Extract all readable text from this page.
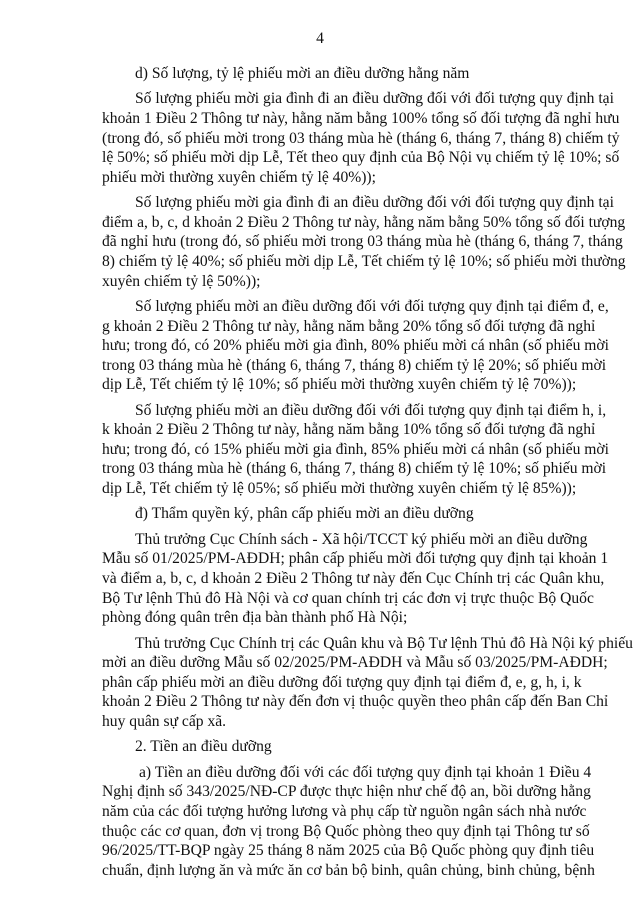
4
d) Số lượng, tỷ lệ phiếu mời an điều dưỡng hằng năm
Số lượng phiếu mời gia đình đi an điều dưỡng đối với đối tượng quy định tại
khoản 1 Điều 2 Thông tư này, hằng năm bằng 100% tổng số đối tượng đã nghỉ hưu
(trong đó, số phiếu mời trong 03 tháng mùa hè (tháng 6, tháng 7, tháng 8) chiếm tỷ
lệ 50%; số phiếu mời dịp Lễ, Tết theo quy định của Bộ Nội vụ chiếm tỷ lệ 10%; số
phiếu mời thường xuyên chiếm tỷ lệ 40%));
Số lượng phiếu mời gia đình đi an điều dưỡng đối với đối tượng quy định tại
điểm a, b, c, d khoản 2 Điều 2 Thông tư này, hằng năm bằng 50% tổng số đối tượng
đã nghỉ hưu (trong đó, số phiếu mời trong 03 tháng mùa hè (tháng 6, tháng 7, tháng
8) chiếm tỷ lệ 40%; số phiếu mời dịp Lễ, Tết chiếm tỷ lệ 10%; số phiếu mời thường
xuyên chiếm tỷ lệ 50%));
Số lượng phiếu mời an điều dưỡng đối với đối tượng quy định tại điểm đ, e,
g khoản 2 Điều 2 Thông tư này, hằng năm bằng 20% tổng số đối tượng đã nghỉ
hưu; trong đó, có 20% phiếu mời gia đình, 80% phiếu mời cá nhân (số phiếu mời
trong 03 tháng mùa hè (tháng 6, tháng 7, tháng 8) chiếm tỷ lệ 20%; số phiếu mời
dịp Lễ, Tết chiếm tỷ lệ 10%; số phiếu mời thường xuyên chiếm tỷ lệ 70%));
Số lượng phiếu mời an điều dưỡng đối với đối tượng quy định tại điểm h, i,
k khoản 2 Điều 2 Thông tư này, hằng năm bằng 10% tổng số đối tượng đã nghỉ
hưu; trong đó, có 15% phiếu mời gia đình, 85% phiếu mời cá nhân (số phiếu mời
trong 03 tháng mùa hè (tháng 6, tháng 7, tháng 8) chiếm tỷ lệ 10%; số phiếu mời
dịp Lễ, Tết chiếm tỷ lệ 05%; số phiếu mời thường xuyên chiếm tỷ lệ 85%));
đ) Thẩm quyền ký, phân cấp phiếu mời an điều dưỡng
Thủ trưởng Cục Chính sách - Xã hội/TCCT ký phiếu mời an điều dưỡng
Mẫu số 01/2025/PM-AĐDH; phân cấp phiếu mời đối tượng quy định tại khoản 1
và điểm a, b, c, d khoản 2 Điều 2 Thông tư này đến Cục Chính trị các Quân khu,
Bộ Tư lệnh Thủ đô Hà Nội và cơ quan chính trị các đơn vị trực thuộc Bộ Quốc
phòng đóng quân trên địa bàn thành phố Hà Nội;
Thủ trưởng Cục Chính trị các Quân khu và Bộ Tư lệnh Thủ đô Hà Nội ký phiếu
mời an điều dưỡng Mẫu số 02/2025/PM-AĐDH và Mẫu số 03/2025/PM-AĐDH;
phân cấp phiếu mời an điều dưỡng đối tượng quy định tại điểm đ, e, g, h, i, k
khoản 2 Điều 2 Thông tư này đến đơn vị thuộc quyền theo phân cấp đến Ban Chỉ
huy quân sự cấp xã.
2. Tiền an điều dưỡng
a) Tiền an điều dưỡng đối với các đối tượng quy định tại khoản 1 Điều 4
Nghị định số 343/2025/NĐ-CP được thực hiện như chế độ an, bồi dưỡng hằng
năm của các đối tượng hưởng lương và phụ cấp từ nguồn ngân sách nhà nước
thuộc các cơ quan, đơn vị trong Bộ Quốc phòng theo quy định tại Thông tư số
96/2025/TT-BQP ngày 25 tháng 8 năm 2025 của Bộ Quốc phòng quy định tiêu
chuẩn, định lượng ăn và mức ăn cơ bản bộ binh, quân chủng, binh chủng, bệnh
